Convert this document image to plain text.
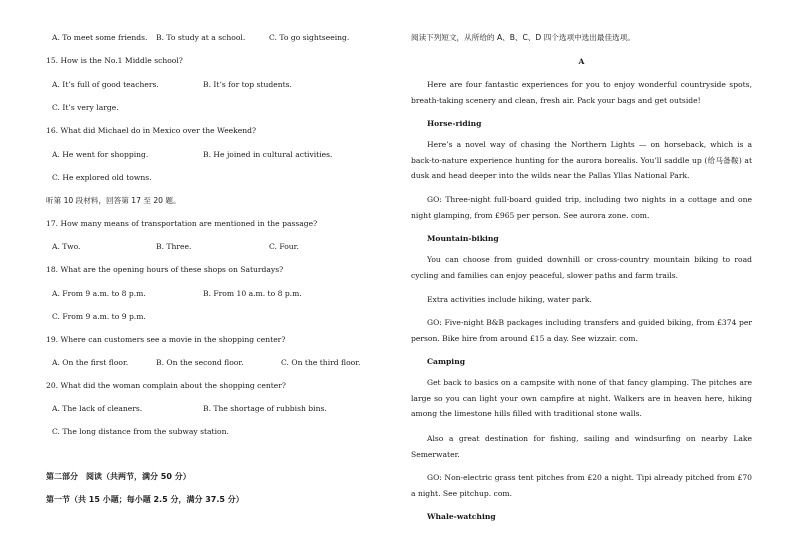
A. To meet some friends. B. To study at a school.	C. To go sightseeing.
15. How is the No.1 Middle school?
A. It’s full of good teachers.	B. It’s for top students.
C. It’s very large.
16. What did Michael do in Mexico over the Weekend?
A. He went for shopping.	B. He joined in cultural activities.
C. He explored old towns.
听第 10 段材料，回答第 17 至 20 题。
17. How many means of transportation are mentioned in the passage?
A. Two.	B. Three.	C. Four.
18. What are the opening hours of these shops on Saturdays?
A. From 9 a.m. to 8 p.m.	B. From 10 a.m. to 8 p.m.
C. From 9 a.m. to 9 p.m.
19. Where can customers see a movie in the shopping center?
A. On the first floor.	B. On the second floor.	C. On the third floor.
20. What did the woman complain about the shopping center?
A. The lack of cleaners.	B. The shortage of rubbish bins.
C. The long distance from the subway station.
第二部分　阅读（共两节，满分 50 分）
第一节（共 15 小题；每小题 2.5 分，满分 37.5 分）
阅读下列短文，从所给的 A、B、C、D 四个选项中选出最佳选项。
A
Here are four fantastic experiences for you to enjoy wonderful countryside spots, breath-taking scenery and clean, fresh air. Pack your bags and get outside!
Horse-riding
Here’s a novel way of chasing the Northern Lights — on horseback, which is a back-to-nature experience hunting for the aurora borealis. You’ll saddle up (给马备鞍) at dusk and head deeper into the wilds near the Pallas Yllas National Park.
GO: Three-night full-board guided trip, including two nights in a cottage and one night glamping, from £965 per person. See aurora zone. com.
Mountain-biking
You can choose from guided downhill or cross-country mountain biking to road cycling and families can enjoy peaceful, slower paths and farm trails.
Extra activities include hiking, water park.
GO: Five-night B&B packages including transfers and guided biking, from £374 per person. Bike hire from around £15 a day. See wizzair. com.
Camping
Get back to basics on a campsite with none of that fancy glamping. The pitches are large so you can light your own campfire at night. Walkers are in heaven here, hiking among the limestone hills filled with traditional stone walls.
Also a great destination for fishing, sailing and windsurfing on nearby Lake Semerwater.
GO: Non-electric grass tent pitches from £20 a night. Tipi already pitched from £70 a night. See pitchup. com.
Whale-watching
